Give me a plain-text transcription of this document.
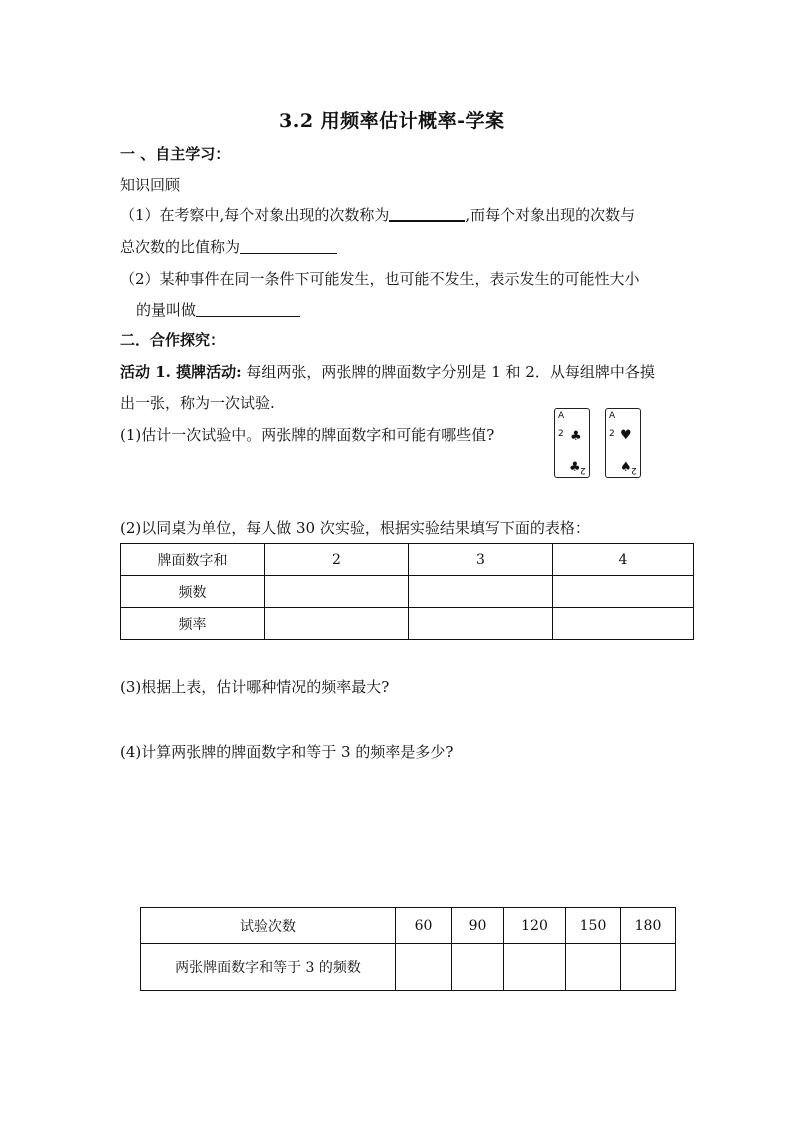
3.2 用频率估计概率-学案
一 、自主学习：
知识回顾
（1）在考察中,每个对象出现的次数称为	,而每个对象出现的次数与
总次数的比值称为
（2）某种事件在同一条件下可能发生，也可能不发生，表示发生的可能性大小
的量叫做
二．合作探究：
活动 1. 摸牌活动: 每组两张，两张牌的牌面数字分别是 1 和 2．从每组牌中各摸
出一张，称为一次试验.
(1)估计一次试验中。两张牌的牌面数字和可能有哪些值?
A
2 ♣
♣ 2
A
2 ♥
♠ 2
(2)以同桌为单位，每人做 30 次实验，根据实验结果填写下面的表格：
牌面数字和	2	3	4
频数			
频率			
(3)根据上表，估计哪种情况的频率最大?
(4)计算两张牌的牌面数字和等于 3 的频率是多少?
试验次数	60	90	120	150	180
两张牌面数字和等于 3 的频数					
